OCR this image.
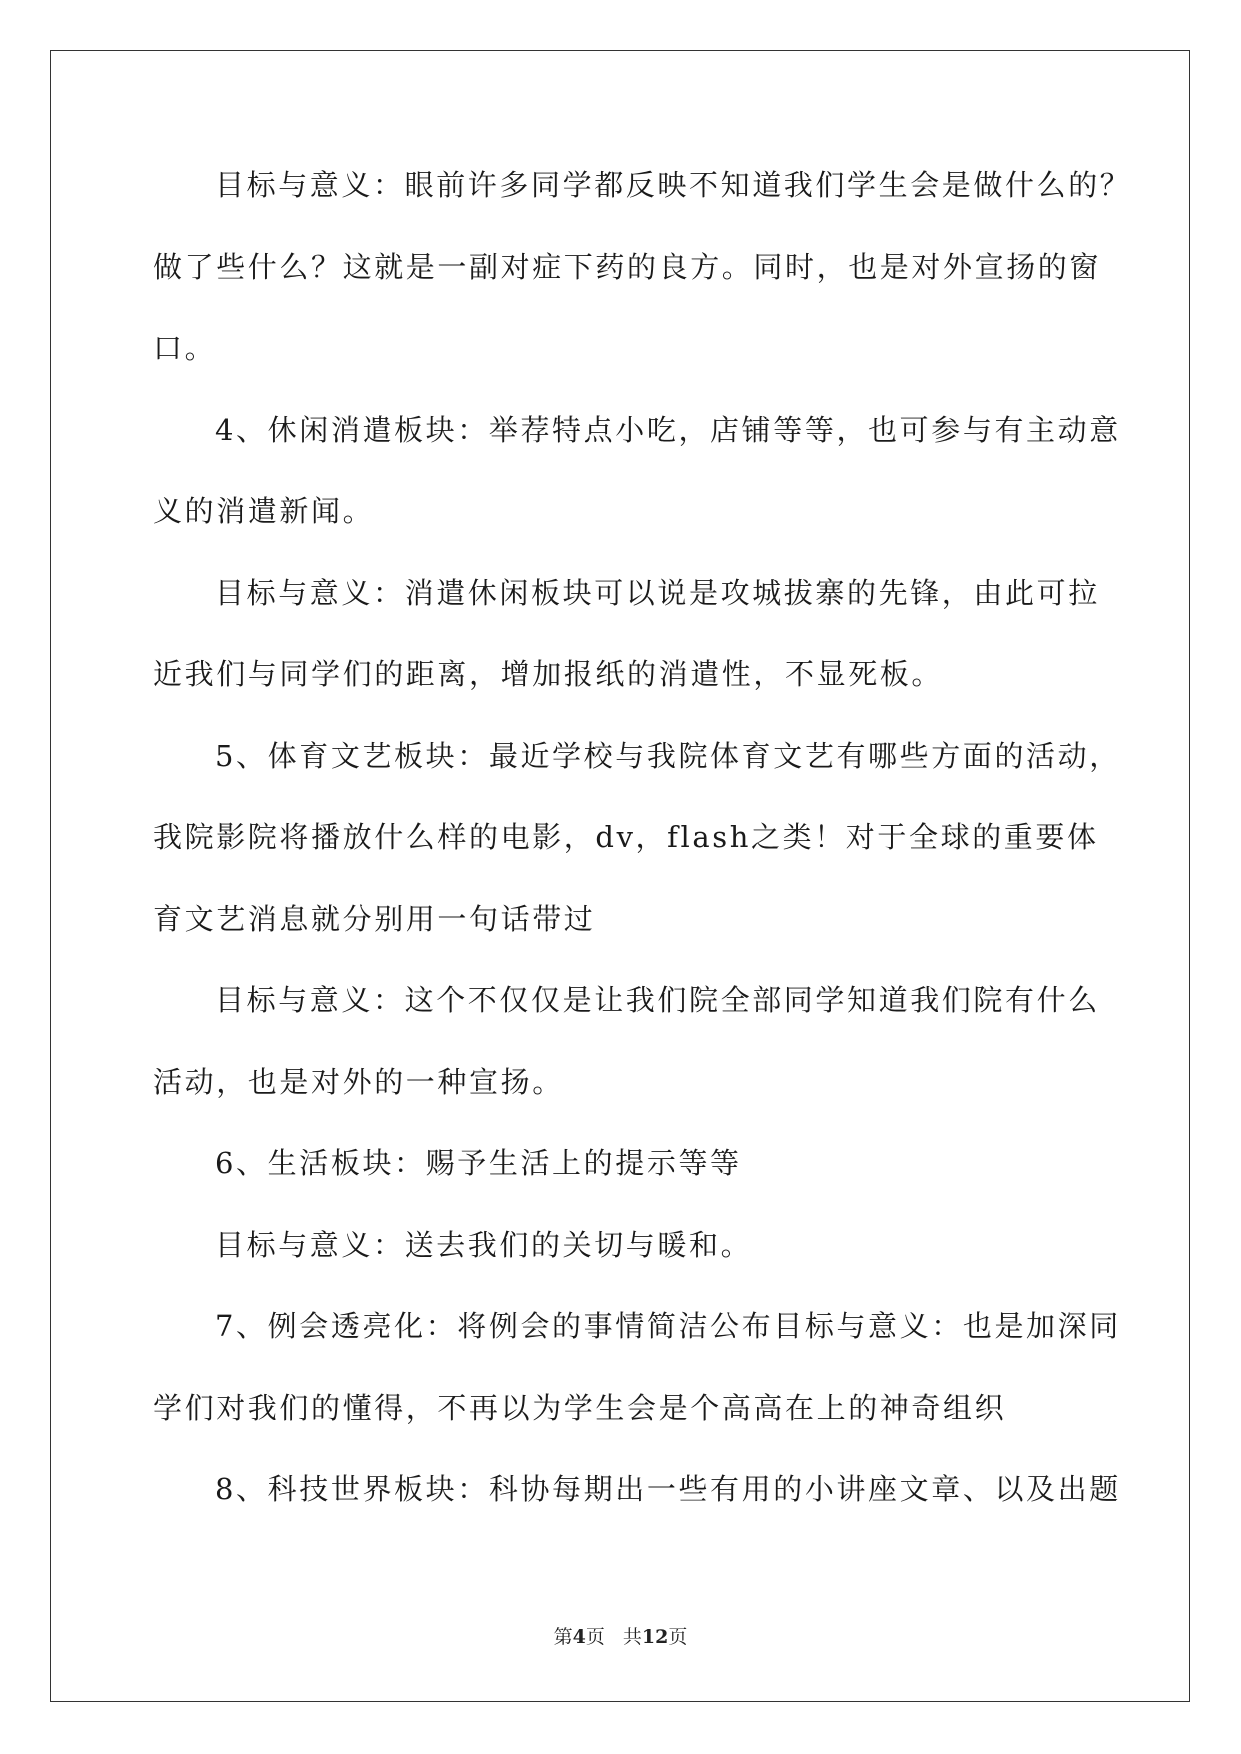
目标与意义：眼前许多同学都反映不知道我们学生会是做什么的？
做了些什么？这就是一副对症下药的良方。同时，也是对外宣扬的窗
口。
4、休闲消遣板块：举荐特点小吃，店铺等等，也可参与有主动意
义的消遣新闻。
目标与意义：消遣休闲板块可以说是攻城拔寨的先锋，由此可拉
近我们与同学们的距离，增加报纸的消遣性，不显死板。
5、体育文艺板块：最近学校与我院体育文艺有哪些方面的活动，
我院影院将播放什么样的电影，dv，flash之类！对于全球的重要体
育文艺消息就分别用一句话带过
目标与意义：这个不仅仅是让我们院全部同学知道我们院有什么
活动，也是对外的一种宣扬。
6、生活板块：赐予生活上的提示等等
目标与意义：送去我们的关切与暖和。
7、例会透亮化：将例会的事情简洁公布目标与意义：也是加深同
学们对我们的懂得，不再以为学生会是个高高在上的神奇组织
8、科技世界板块：科协每期出一些有用的小讲座文章、以及出题
第4页 共12页
